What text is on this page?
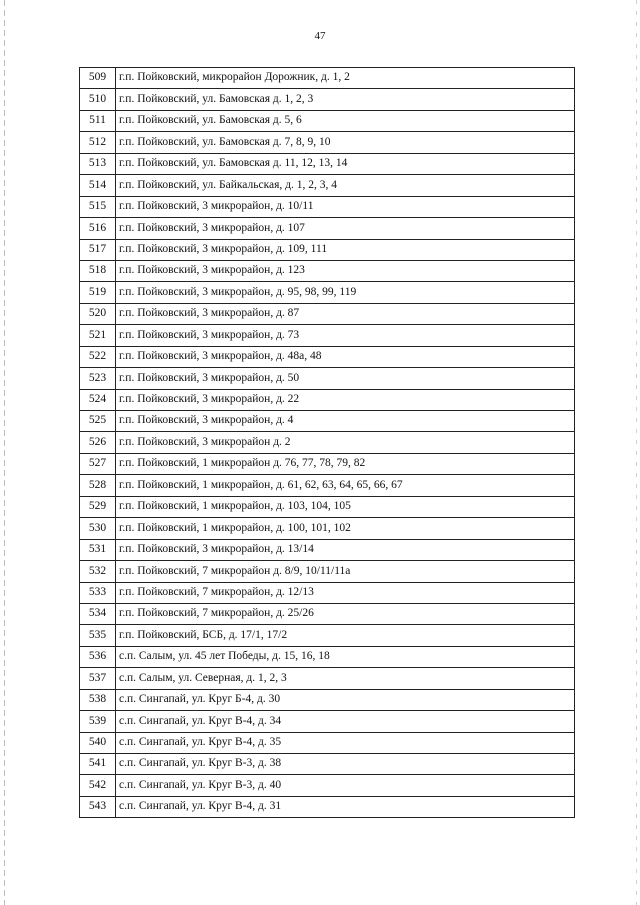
47
509	г.п. Пойковский, микрорайон Дорожник, д. 1, 2
510	г.п. Пойковский, ул. Бамовская д. 1, 2, 3
511	г.п. Пойковский, ул. Бамовская д. 5, 6
512	г.п. Пойковский, ул. Бамовская д. 7, 8, 9, 10
513	г.п. Пойковский, ул. Бамовская д. 11, 12, 13, 14
514	г.п. Пойковский, ул. Байкальская, д. 1, 2, 3, 4
515	г.п. Пойковский, 3 микрорайон, д. 10/11
516	г.п. Пойковский, 3 микрорайон, д. 107
517	г.п. Пойковский, 3 микрорайон, д. 109, 111
518	г.п. Пойковский, 3 микрорайон, д. 123
519	г.п. Пойковский, 3 микрорайон, д. 95, 98, 99, 119
520	г.п. Пойковский, 3 микрорайон, д. 87
521	г.п. Пойковский, 3 микрорайон, д. 73
522	г.п. Пойковский, 3 микрорайон, д. 48а, 48
523	г.п. Пойковский, 3 микрорайон, д. 50
524	г.п. Пойковский, 3 микрорайон, д. 22
525	г.п. Пойковский, 3 микрорайон, д. 4
526	г.п. Пойковский, 3 микрорайон д. 2
527	г.п. Пойковский, 1 микрорайон д. 76, 77, 78, 79, 82
528	г.п. Пойковский, 1 микрорайон, д. 61, 62, 63, 64, 65, 66, 67
529	г.п. Пойковский, 1 микрорайон, д. 103, 104, 105
530	г.п. Пойковский, 1 микрорайон, д. 100, 101, 102
531	г.п. Пойковский, 3 микрорайон, д. 13/14
532	г.п. Пойковский, 7 микрорайон д. 8/9, 10/11/11а
533	г.п. Пойковский, 7 микрорайон, д. 12/13
534	г.п. Пойковский, 7 микрорайон, д. 25/26
535	г.п. Пойковский, БСБ, д. 17/1, 17/2
536	с.п. Салым, ул. 45 лет Победы, д. 15, 16, 18
537	с.п. Салым, ул. Северная, д. 1, 2, 3
538	с.п. Сингапай, ул. Круг Б-4, д. 30
539	с.п. Сингапай, ул. Круг В-4, д. 34
540	с.п. Сингапай, ул. Круг В-4, д. 35
541	с.п. Сингапай, ул. Круг В-3, д. 38
542	с.п. Сингапай, ул. Круг В-3, д. 40
543	с.п. Сингапай, ул. Круг В-4, д. 31
